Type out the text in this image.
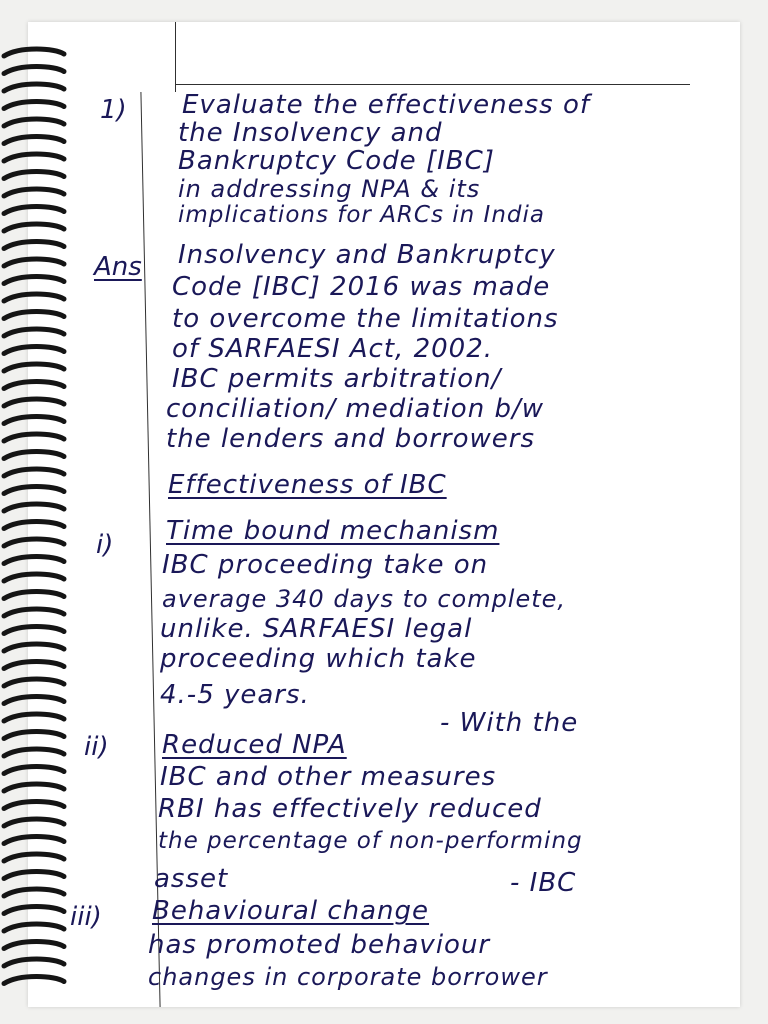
1) Evaluate the effectiveness of
the Insolvency and
Bankruptcy Code [IBC]
in addressing NPA & its
implications for ARCs in India
Ans Insolvency and Bankruptcy
Code [IBC] 2016 was made
to overcome the limitations
of SARFAESI Act, 2002.
IBC permits arbitration/
conciliation/ mediation b/w
the lenders and borrowers
Effectiveness of IBC
i) Time bound mechanism
IBC proceeding take on
average 340 days to complete,
unlike. SARFAESI legal
proceeding which take
4.-5 years.
ii) Reduced NPA
- With the
IBC and other measures
RBI has effectively reduced
the percentage of non-performing
asset
iii) Behavioural change
- IBC
has promoted behaviour
changes in corporate borrower
